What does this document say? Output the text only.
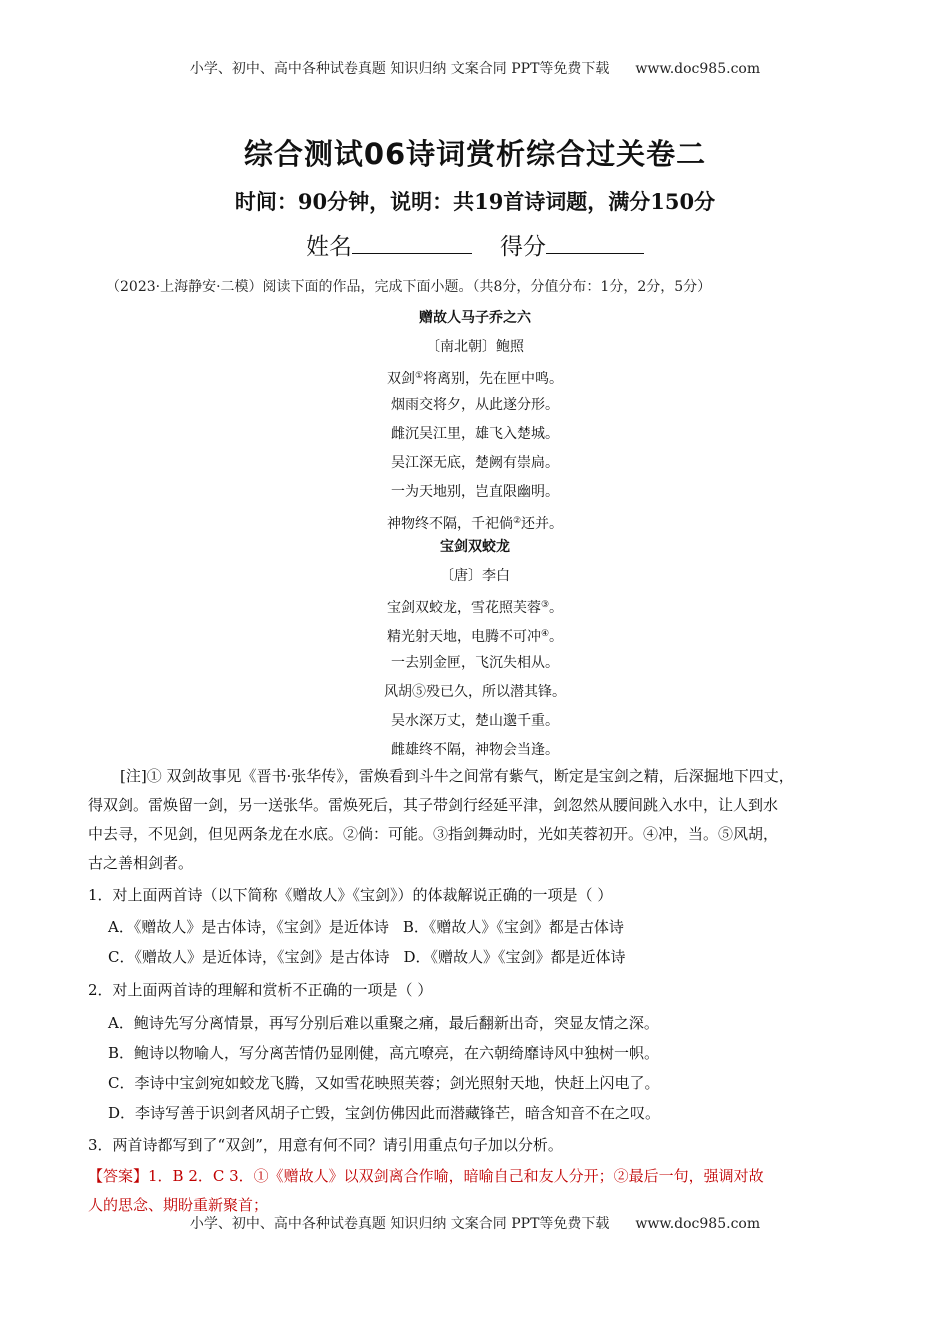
小学、初中、高中各种试卷真题 知识归纳 文案合同 PPT等免费下载 www.doc985.com
综合测试06诗词赏析综合过关卷二
时间：90分钟，说明：共19首诗词题，满分150分
姓名	得分
（2023·上海静安·二模）阅读下面的作品，完成下面小题。（共8分，分值分布：1分，2分，5分）
赠故人马子乔之六
〔南北朝〕鲍照
双剑①将离别，先在匣中鸣。
烟雨交将夕，从此遂分形。
雌沉吴江里，雄飞入楚城。
吴江深无底，楚阙有崇扃。
一为天地别，岂直限幽明。
神物终不隔，千祀倘②还并。
宝剑双蛟龙
〔唐〕李白
宝剑双蛟龙，雪花照芙蓉③。
精光射天地，电腾不可冲④。
一去别金匣，飞沉失相从。
风胡⑤殁已久，所以潜其锋。
吴水深万丈，楚山邈千重。
雌雄终不隔，神物会当逢。
[注]① 双剑故事见《晋书·张华传》，雷焕看到斗牛之间常有紫气，断定是宝剑之精，后深掘地下四丈，
得双剑。雷焕留一剑，另一送张华。雷焕死后，其子带剑行经延平津，剑忽然从腰间跳入水中，让人到水
中去寻，不见剑，但见两条龙在水底。②倘：可能。③指剑舞动时，光如芙蓉初开。④冲，当。⑤风胡，
古之善相剑者。
1．对上面两首诗（以下简称《赠故人》《宝剑》）的体裁解说正确的一项是（ ）
A．《赠故人》是古体诗，《宝剑》是近体诗 B．《赠故人》《宝剑》都是古体诗
C．《赠故人》是近体诗，《宝剑》是古体诗 D．《赠故人》《宝剑》都是近体诗
2．对上面两首诗的理解和赏析不正确的一项是（ ）
A．鲍诗先写分离情景，再写分别后难以重聚之痛，最后翻新出奇，突显友情之深。
B．鲍诗以物喻人，写分离苦情仍显刚健，高亢嘹亮，在六朝绮靡诗风中独树一帜。
C．李诗中宝剑宛如蛟龙飞腾，又如雪花映照芙蓉；剑光照射天地，快赶上闪电了。
D．李诗写善于识剑者风胡子亡毁，宝剑仿佛因此而潜藏锋芒，暗含知音不在之叹。
3．两首诗都写到了“双剑”，用意有何不同？请引用重点句子加以分析。
【答案】1．B 2．C 3．①《赠故人》以双剑离合作喻，暗喻自己和友人分开；②最后一句，强调对故
人的思念、期盼重新聚首；
小学、初中、高中各种试卷真题 知识归纳 文案合同 PPT等免费下载 www.doc985.com
